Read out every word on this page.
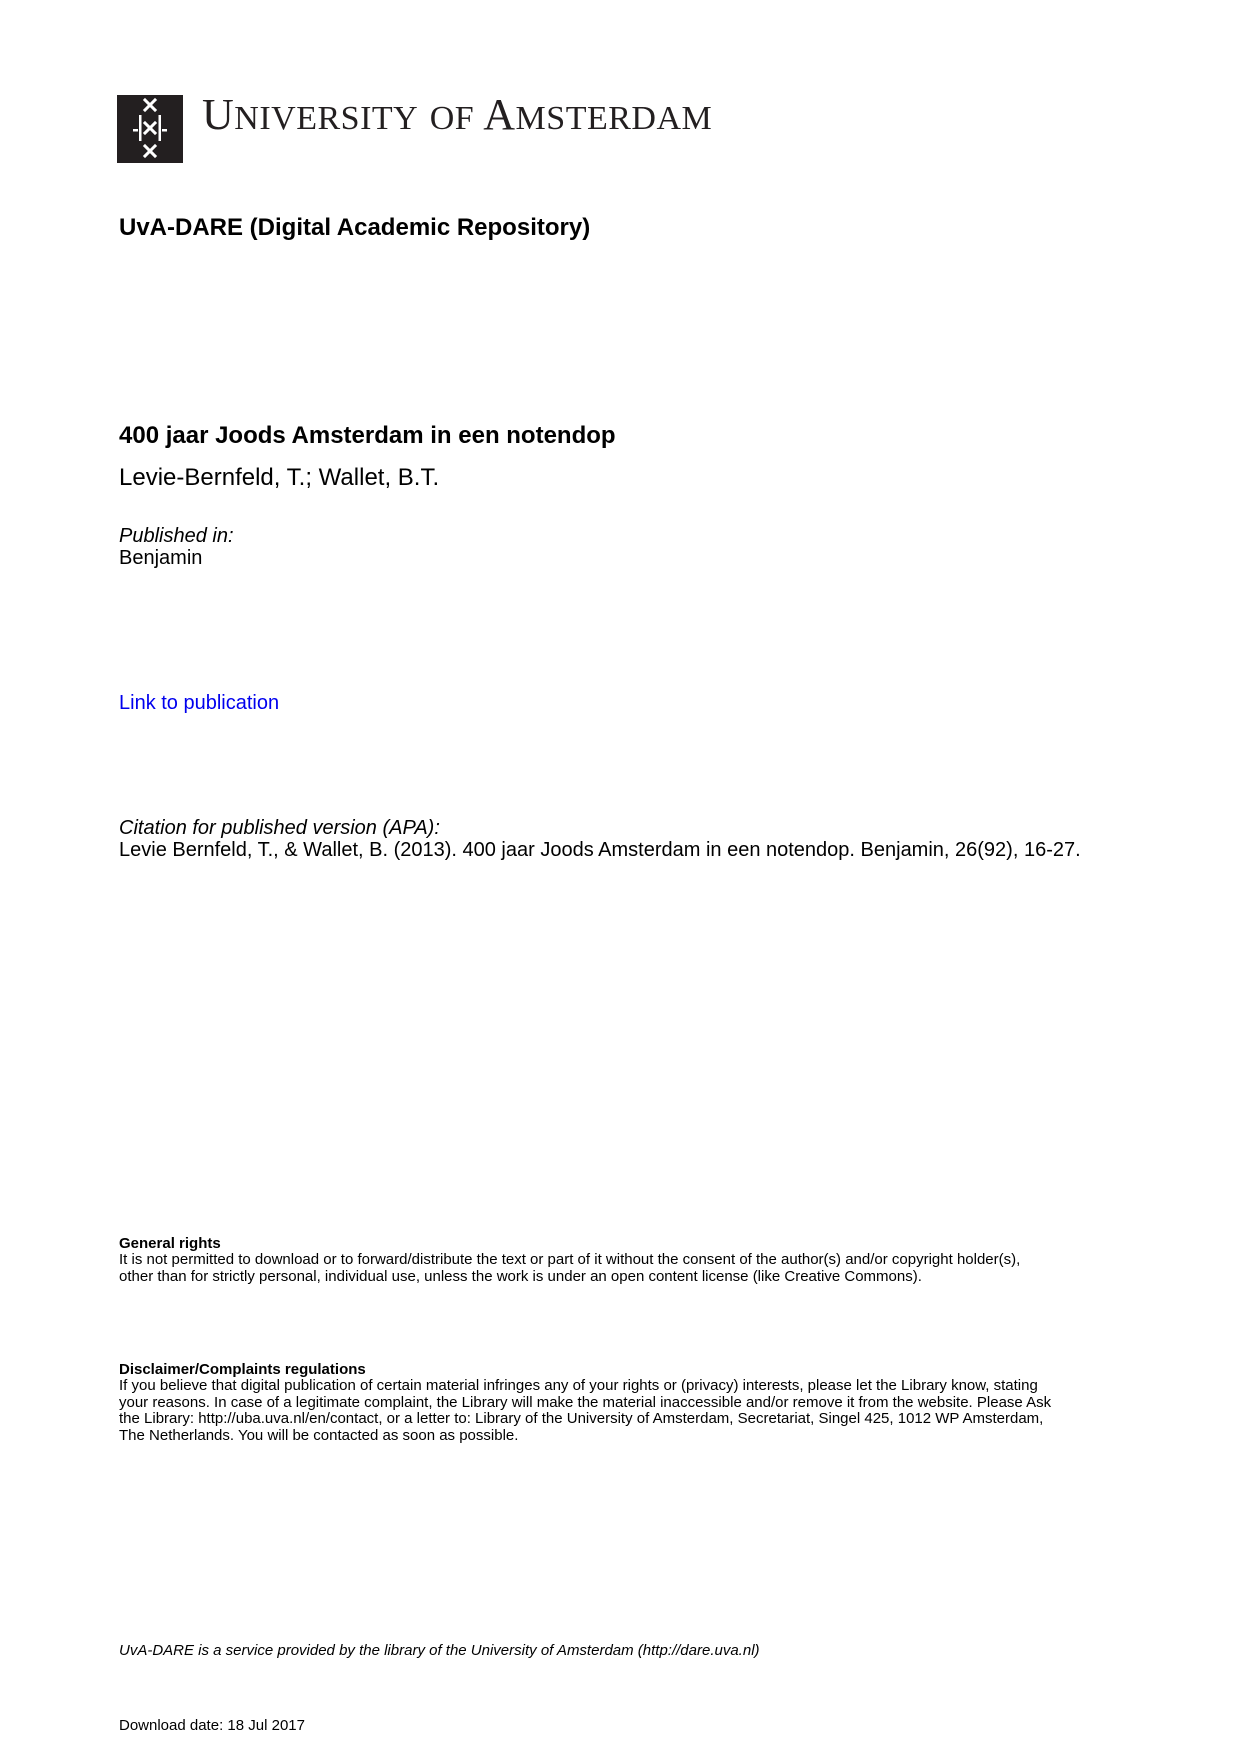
UNIVERSITY OF AMSTERDAM
UvA-DARE (Digital Academic Repository)
400 jaar Joods Amsterdam in een notendop
Levie-Bernfeld, T.; Wallet, B.T.
Published in:
Benjamin
Link to publication
Citation for published version (APA):
Levie Bernfeld, T., & Wallet, B. (2013). 400 jaar Joods Amsterdam in een notendop. Benjamin, 26(92), 16-27.
General rights
It is not permitted to download or to forward/distribute the text or part of it without the consent of the author(s) and/or copyright holder(s),
other than for strictly personal, individual use, unless the work is under an open content license (like Creative Commons).
Disclaimer/Complaints regulations
If you believe that digital publication of certain material infringes any of your rights or (privacy) interests, please let the Library know, stating
your reasons. In case of a legitimate complaint, the Library will make the material inaccessible and/or remove it from the website. Please Ask
the Library: http://uba.uva.nl/en/contact, or a letter to: Library of the University of Amsterdam, Secretariat, Singel 425, 1012 WP Amsterdam,
The Netherlands. You will be contacted as soon as possible.
UvA-DARE is a service provided by the library of the University of Amsterdam (http://dare.uva.nl)
Download date: 18 Jul 2017
